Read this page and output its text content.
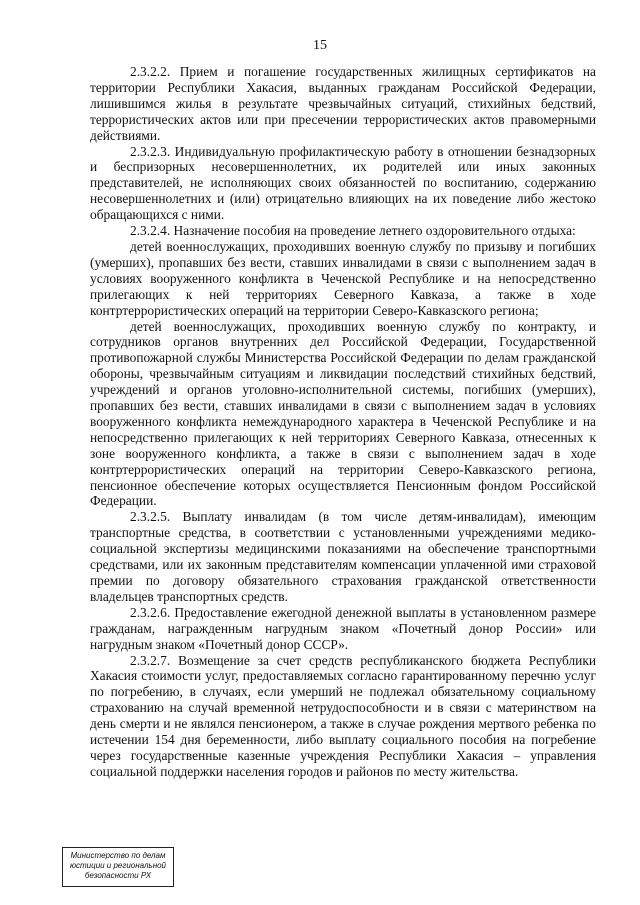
15

2.3.2.2. Прием и погашение государственных жилищных сертификатов на территории Республики Хакасия, выданных гражданам Российской Федерации, лишившимся жилья в результате чрезвычайных ситуаций, стихийных бедствий, террористических актов или при пресечении террористических актов правомерными действиями.

2.3.2.3. Индивидуальную профилактическую работу в отношении безнадзорных и беспризорных несовершеннолетних, их родителей или иных законных представителей, не исполняющих своих обязанностей по воспитанию, содержанию несовершеннолетних и (или) отрицательно влияющих на их поведение либо жестоко обращающихся с ними.

2.3.2.4. Назначение пособия на проведение летнего оздоровительного отдыха:

детей военнослужащих, проходивших военную службу по призыву и погибших (умерших), пропавших без вести, ставших инвалидами в связи с выполнением задач в условиях вооруженного конфликта в Чеченской Республике и на непосредственно прилегающих к ней территориях Северного Кавказа, а также в ходе контртеррористических операций на территории Северо-Кавказского региона;

детей военнослужащих, проходивших военную службу по контракту, и сотрудников органов внутренних дел Российской Федерации, Государственной противопожарной службы Министерства Российской Федерации по делам гражданской обороны, чрезвычайным ситуациям и ликвидации последствий стихийных бедствий, учреждений и органов уголовно-исполнительной системы, погибших (умерших), пропавших без вести, ставших инвалидами в связи с выполнением задач в условиях вооруженного конфликта немеждународного характера в Чеченской Республике и на непосредственно прилегающих к ней территориях Северного Кавказа, отнесенных к зоне вооруженного конфликта, а также в связи с выполнением задач в ходе контртеррористических операций на территории Северо-Кавказского региона, пенсионное обеспечение которых осуществляется Пенсионным фондом Российской Федерации.

2.3.2.5. Выплату инвалидам (в том числе детям-инвалидам), имеющим транспортные средства, в соответствии с установленными учреждениями медико-социальной экспертизы медицинскими показаниями на обеспечение транспортными средствами, или их законным представителям компенсации уплаченной ими страховой премии по договору обязательного страхования гражданской ответственности владельцев транспортных средств.

2.3.2.6. Предоставление ежегодной денежной выплаты в установленном размере гражданам, награжденным нагрудным знаком «Почетный донор России» или нагрудным знаком «Почетный донор СССР».

2.3.2.7. Возмещение за счет средств республиканского бюджета Республики Хакасия стоимости услуг, предоставляемых согласно гарантированному перечню услуг по погребению, в случаях, если умерший не подлежал обязательному социальному страхованию на случай временной нетрудоспособности и в связи с материнством на день смерти и не являлся пенсионером, а также в случае рождения мертвого ребенка по истечении 154 дня беременности, либо выплату социального пособия на погребение через государственные казенные учреждения Республики Хакасия – управления социальной поддержки населения городов и районов по месту жительства.

Министерство по делам
юстиции и региональной
безопасности РХ
